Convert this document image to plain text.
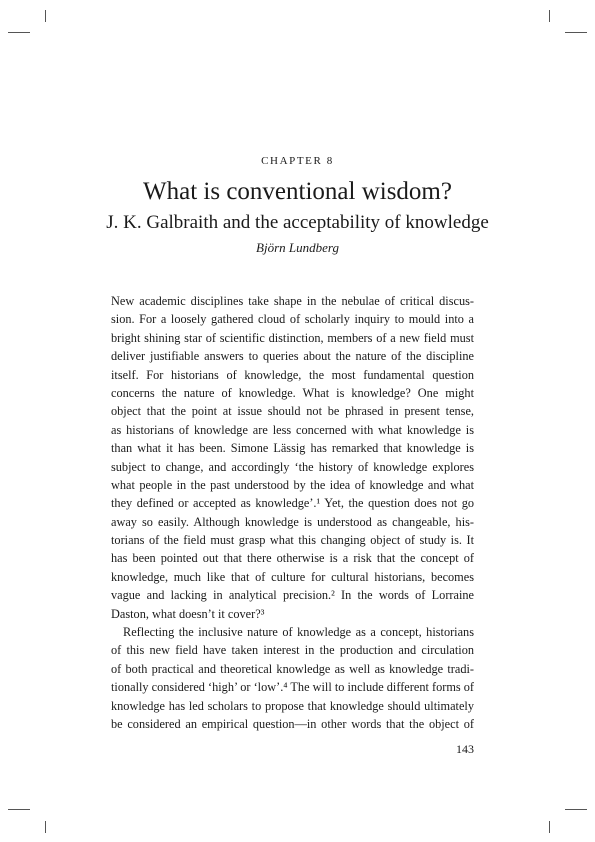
CHAPTER 8
What is conventional wisdom?
J. K. Galbraith and the acceptability of knowledge
Björn Lundberg
New academic disciplines take shape in the nebulae of critical discus-
sion. For a loosely gathered cloud of scholarly inquiry to mould into a
bright shining star of scientific distinction, members of a new field must
deliver justifiable answers to queries about the nature of the discipline
itself. For historians of knowledge, the most fundamental question
concerns the nature of knowledge. What is knowledge? One might
object that the point at issue should not be phrased in present tense,
as historians of knowledge are less concerned with what knowledge is
than what it has been. Simone Lässig has remarked that knowledge is
subject to change, and accordingly ‘the history of knowledge explores
what people in the past understood by the idea of knowledge and what
they defined or accepted as knowledge’.¹ Yet, the question does not go
away so easily. Although knowledge is understood as changeable, his-
torians of the field must grasp what this changing object of study is. It
has been pointed out that there otherwise is a risk that the concept of
knowledge, much like that of culture for cultural historians, becomes
vague and lacking in analytical precision.² In the words of Lorraine
Daston, what doesn’t it cover?³
Reflecting the inclusive nature of knowledge as a concept, historians
of this new field have taken interest in the production and circulation
of both practical and theoretical knowledge as well as knowledge tradi-
tionally considered ‘high’ or ‘low’.⁴ The will to include different forms of
knowledge has led scholars to propose that knowledge should ultimately
be considered an empirical question—in other words that the object of
143
